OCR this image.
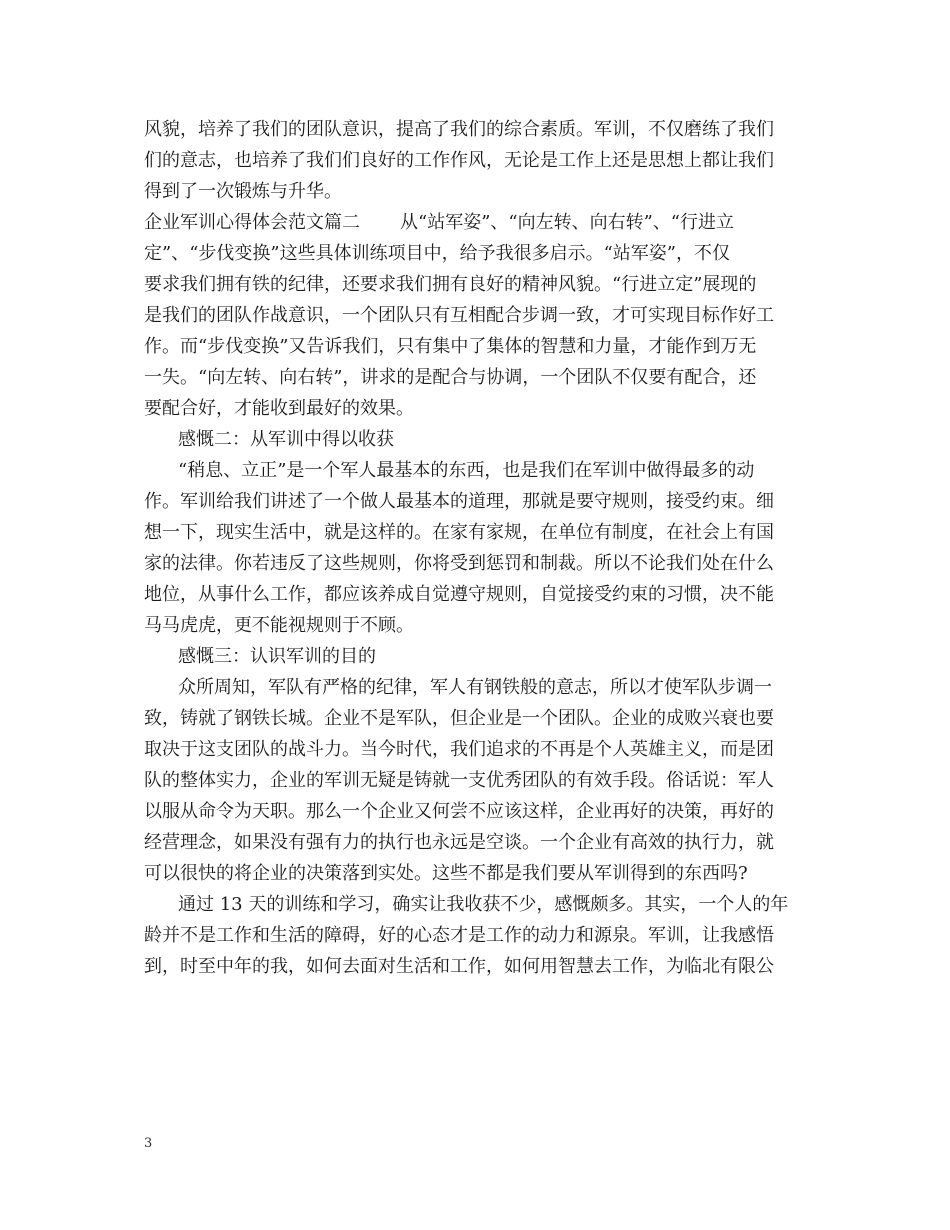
风貌，培养了我们的团队意识，提高了我们的综合素质。军训，不仅磨练了我们
们的意志，也培养了我们们良好的工作作风，无论是工作上还是思想上都让我们
得到了一次锻炼与升华。
企业军训心得体会范文篇二 从“站军姿”、“向左转、向右转”、“行进立
定”、“步伐变换”这些具体训练项目中，给予我很多启示。“站军姿”，不仅
要求我们拥有铁的纪律，还要求我们拥有良好的精神风貌。“行进立定”展现的
是我们的团队作战意识，一个团队只有互相配合步调一致，才可实现目标作好工
作。而“步伐变换”又告诉我们，只有集中了集体的智慧和力量，才能作到万无
一失。“向左转、向右转”，讲求的是配合与协调，一个团队不仅要有配合，还
要配合好，才能收到最好的效果。
感慨二：从军训中得以收获
“稍息、立正”是一个军人最基本的东西，也是我们在军训中做得最多的动
作。军训给我们讲述了一个做人最基本的道理，那就是要守规则，接受约束。细
想一下，现实生活中，就是这样的。在家有家规，在单位有制度，在社会上有国
家的法律。你若违反了这些规则，你将受到惩罚和制裁。所以不论我们处在什么
地位，从事什么工作，都应该养成自觉遵守规则，自觉接受约束的习惯，决不能
马马虎虎，更不能视规则于不顾。
感慨三：认识军训的目的
众所周知，军队有严格的纪律，军人有钢铁般的意志，所以才使军队步调一
致，铸就了钢铁长城。企业不是军队，但企业是一个团队。企业的成败兴衰也要
取决于这支团队的战斗力。当今时代，我们追求的不再是个人英雄主义，而是团
队的整体实力，企业的军训无疑是铸就一支优秀团队的有效手段。俗话说：军人
以服从命令为天职。那么一个企业又何尝不应该这样，企业再好的决策，再好的
经营理念，如果没有强有力的执行也永远是空谈。一个企业有高效的执行力，就
可以很快的将企业的决策落到实处。这些不都是我们要从军训得到的东西吗?
通过 13 天的训练和学习，确实让我收获不少，感慨颇多。其实，一个人的年
龄并不是工作和生活的障碍，好的心态才是工作的动力和源泉。军训，让我感悟
到，时至中年的我，如何去面对生活和工作，如何用智慧去工作，为临北有限公
3
